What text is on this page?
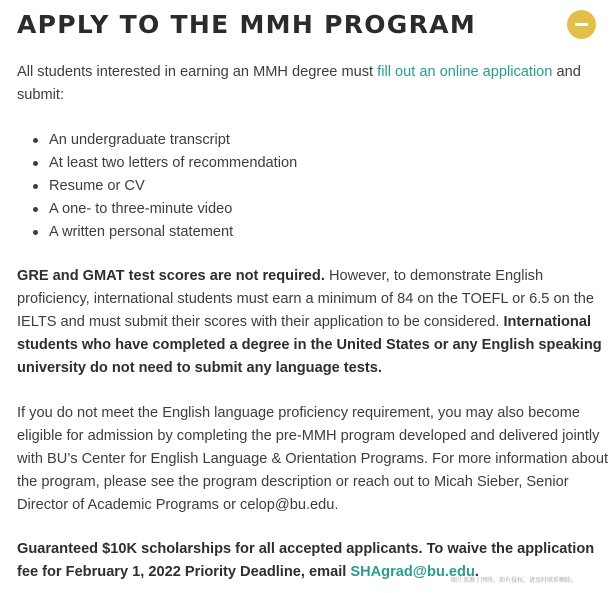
APPLY TO THE MMH PROGRAM

All students interested in earning an MMH degree must fill out an online application and submit:

An undergraduate transcript
At least two letters of recommendation
Resume or CV
A one- to three-minute video
A written personal statement

GRE and GMAT test scores are not required. However, to demonstrate English proficiency, international students must earn a minimum of 84 on the TOEFL or 6.5 on the IELTS and must submit their scores with their application to be considered. International students who have completed a degree in the United States or any English speaking university do not need to submit any language tests.

If you do not meet the English language proficiency requirement, you may also become eligible for admission by completing the pre-MMH program developed and delivered jointly with BU’s Center for English Language & Orientation Programs. For more information about the program, please see the program description or reach out to Micah Sieber, Senior Director of Academic Programs or celop@bu.edu.

Guaranteed $10K scholarships for all accepted applicants. To waive the application fee for February 1, 2022 Priority Deadline, email SHAgrad@bu.edu.

图片来源于网络，如有侵权，请及时联系删除。
